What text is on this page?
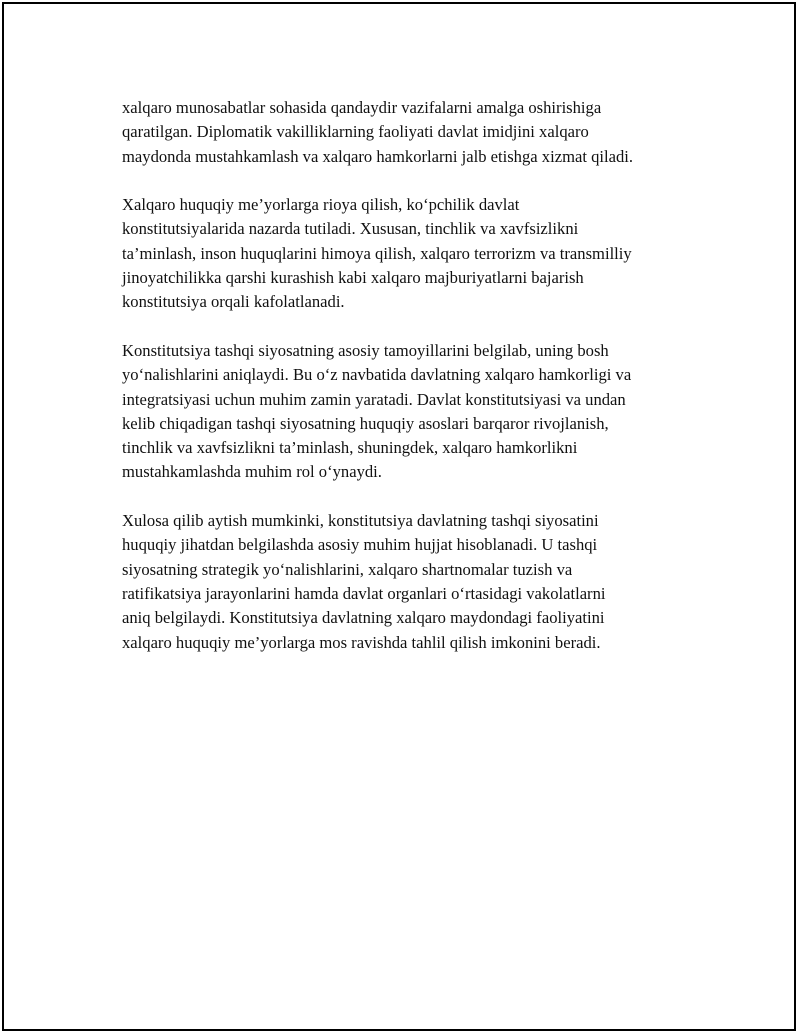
xalqaro munosabatlar sohasida qandaydir vazifalarni amalga oshirishiga
qaratilgan. Diplomatik vakilliklarning faoliyati davlat imidjini xalqaro
maydonda mustahkamlash va xalqaro hamkorlarni jalb etishga xizmat qiladi.

Xalqaro huquqiy me’yorlarga rioya qilish, ko‘pchilik davlat
konstitutsiyalarida nazarda tutiladi. Xususan, tinchlik va xavfsizlikni
ta’minlash, inson huquqlarini himoya qilish, xalqaro terrorizm va transmilliy
jinoyatchilikka qarshi kurashish kabi xalqaro majburiyatlarni bajarish
konstitutsiya orqali kafolatlanadi.

Konstitutsiya tashqi siyosatning asosiy tamoyillarini belgilab, uning bosh
yo‘nalishlarini aniqlaydi. Bu o‘z navbatida davlatning xalqaro hamkorligi va
integratsiyasi uchun muhim zamin yaratadi. Davlat konstitutsiyasi va undan
kelib chiqadigan tashqi siyosatning huquqiy asoslari barqaror rivojlanish,
tinchlik va xavfsizlikni ta’minlash, shuningdek, xalqaro hamkorlikni
mustahkamlashda muhim rol o‘ynaydi.

Xulosa qilib aytish mumkinki, konstitutsiya davlatning tashqi siyosatini
huquqiy jihatdan belgilashda asosiy muhim hujjat hisoblanadi. U tashqi
siyosatning strategik yo‘nalishlarini, xalqaro shartnomalar tuzish va
ratifikatsiya jarayonlarini hamda davlat organlari o‘rtasidagi vakolatlarni
aniq belgilaydi. Konstitutsiya davlatning xalqaro maydondagi faoliyatini
xalqaro huquqiy me’yorlarga mos ravishda tahlil qilish imkonini beradi.
